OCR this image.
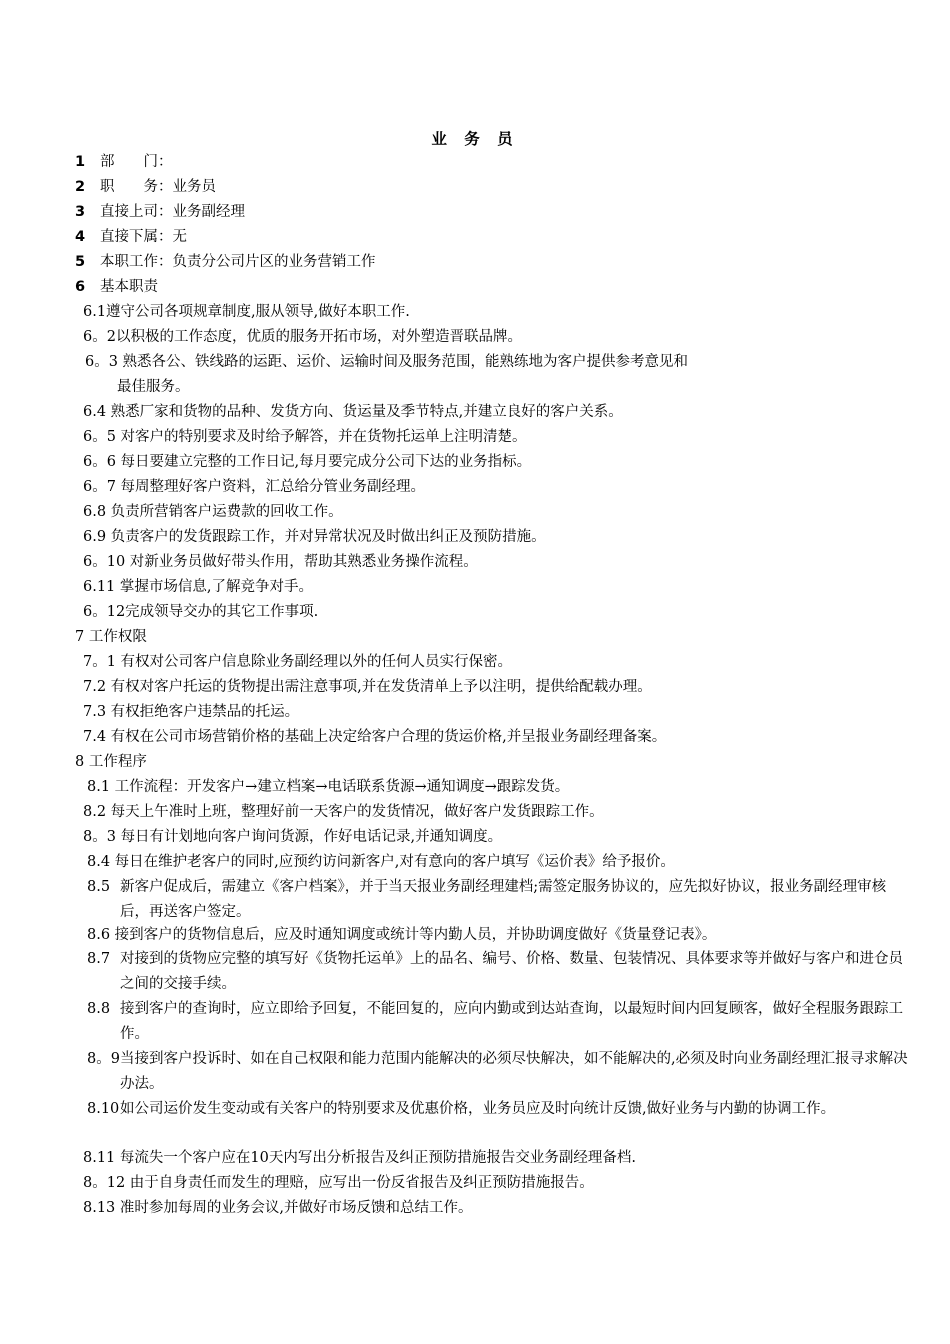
业 务 员
1 部　　门：
2 职　　务：业务员
3 直接上司：业务副经理
4 直接下属：无
5 本职工作：负责分公司片区的业务营销工作
6 基本职责
6.1遵守公司各项规章制度,服从领导,做好本职工作.
6。2以积极的工作态度，优质的服务开拓市场，对外塑造晋联品牌。
6。3 熟悉各公、铁线路的运距、运价、运输时间及服务范围，能熟练地为客户提供参考意见和
最佳服务。
6.4 熟悉厂家和货物的品种、发货方向、货运量及季节特点,并建立良好的客户关系。
6。5 对客户的特别要求及时给予解答，并在货物托运单上注明清楚。
6。6 每日要建立完整的工作日记,每月要完成分公司下达的业务指标。
6。7 每周整理好客户资料，汇总给分管业务副经理。
6.8 负责所营销客户运费款的回收工作。
6.9 负责客户的发货跟踪工作，并对异常状况及时做出纠正及预防措施。
6。10 对新业务员做好带头作用，帮助其熟悉业务操作流程。
6.11 掌握市场信息,了解竞争对手。
6。12完成领导交办的其它工作事项.
7 工作权限
7。1 有权对公司客户信息除业务副经理以外的任何人员实行保密。
7.2 有权对客户托运的货物提出需注意事项,并在发货清单上予以注明，提供给配载办理。
7.3 有权拒绝客户违禁品的托运。
7.4 有权在公司市场营销价格的基础上决定给客户合理的货运价格,并呈报业务副经理备案。
8 工作程序
8.1 工作流程：开发客户→建立档案→电话联系货源→通知调度→跟踪发货。
8.2 每天上午准时上班，整理好前一天客户的发货情况，做好客户发货跟踪工作。
8。3 每日有计划地向客户询问货源，作好电话记录,并通知调度。
8.4 每日在维护老客户的同时,应预约访问新客户,对有意向的客户填写《运价表》给予报价。
8.5 新客户促成后，需建立《客户档案》，并于当天报业务副经理建档;需签定服务协议的，应先拟好协议，报业务副经理审核后，再送客户签定。
8.6 接到客户的货物信息后，应及时通知调度或统计等内勤人员，并协助调度做好《货量登记表》。
8.7 对接到的货物应完整的填写好《货物托运单》上的品名、编号、价格、数量、包装情况、具体要求等并做好与客户和进仓员之间的交接手续。
8.8 接到客户的查询时，应立即给予回复，不能回复的，应向内勤或到达站查询，以最短时间内回复顾客，做好全程服务跟踪工作。
8。9当接到客户投诉时、如在自己权限和能力范围内能解决的必须尽快解决，如不能解决的,必须及时向业务副经理汇报寻求解决办法。
8.10如公司运价发生变动或有关客户的特别要求及优惠价格，业务员应及时向统计反馈,做好业务与内勤的协调工作。
8.11 每流失一个客户应在10天内写出分析报告及纠正预防措施报告交业务副经理备档.
8。12 由于自身责任而发生的理赔，应写出一份反省报告及纠正预防措施报告。
8.13 准时参加每周的业务会议,并做好市场反馈和总结工作。
